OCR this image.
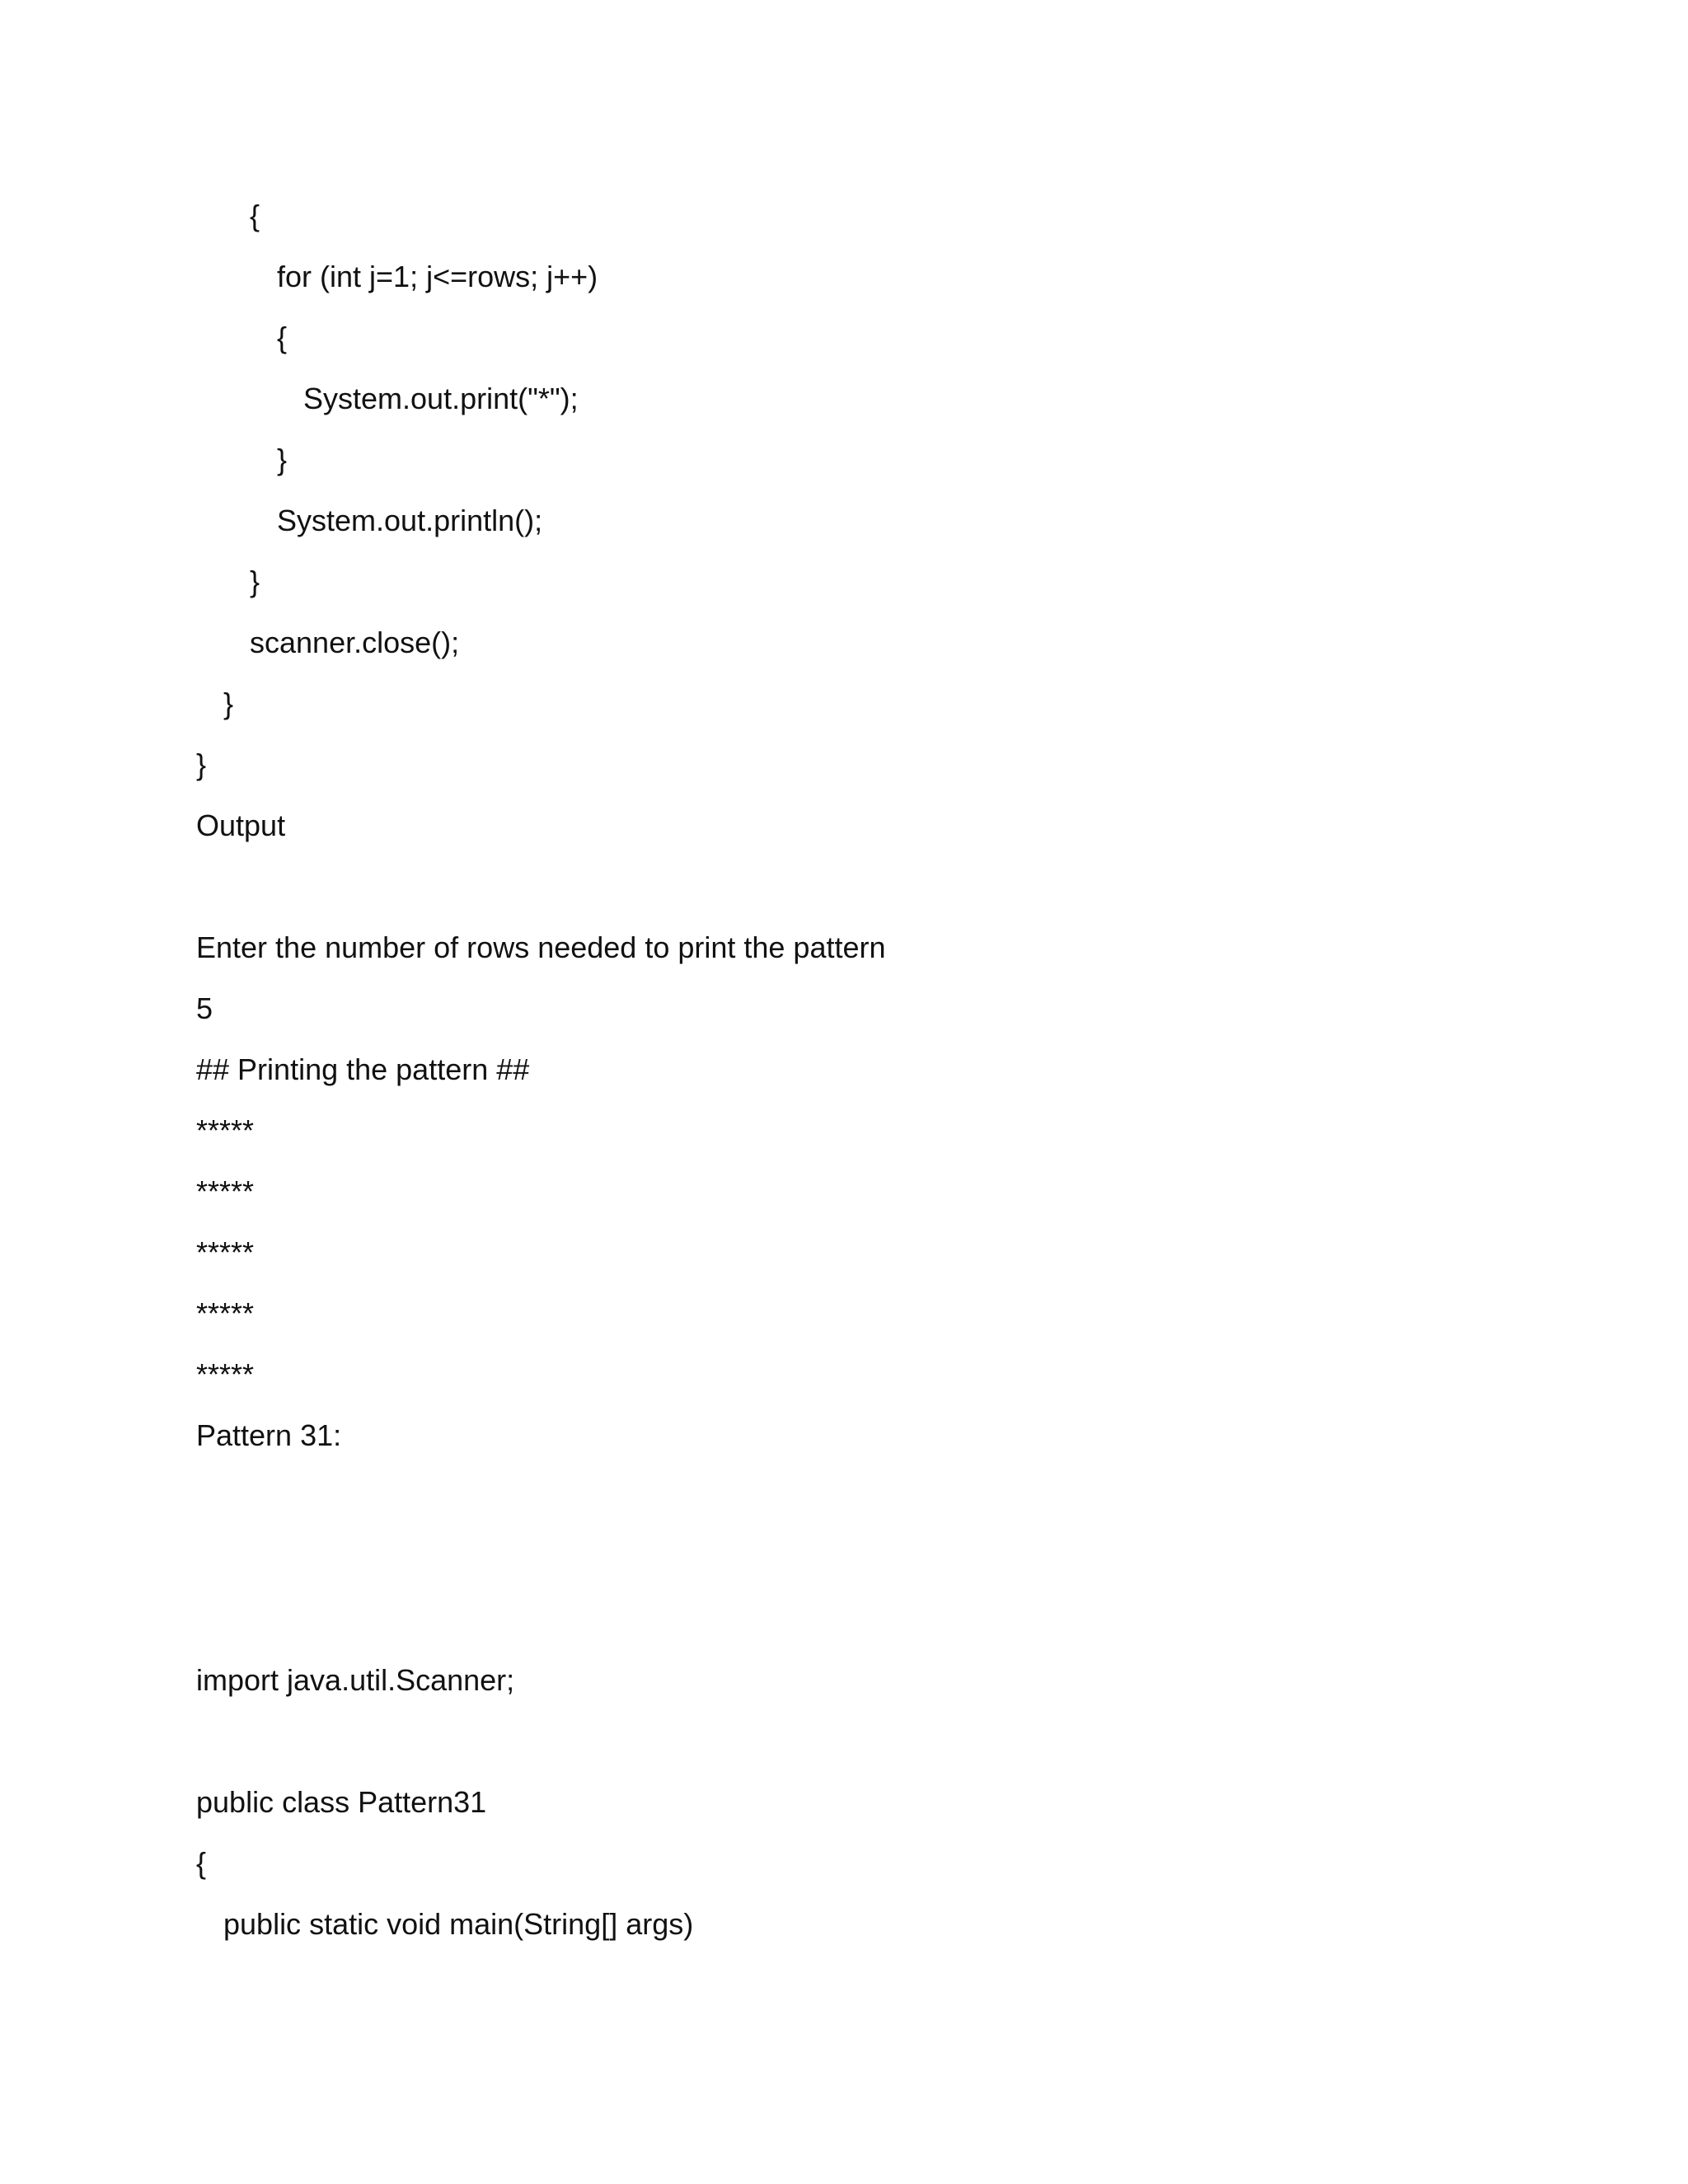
{
for (int j=1; j<=rows; j++)
{
System.out.print("*");
}
System.out.println();
}
scanner.close();
}
}
Output
Enter the number of rows needed to print the pattern
5
## Printing the pattern ##
*****
*****
*****
*****
*****
Pattern 31:
import java.util.Scanner;
public class Pattern31
{
public static void main(String[] args)
